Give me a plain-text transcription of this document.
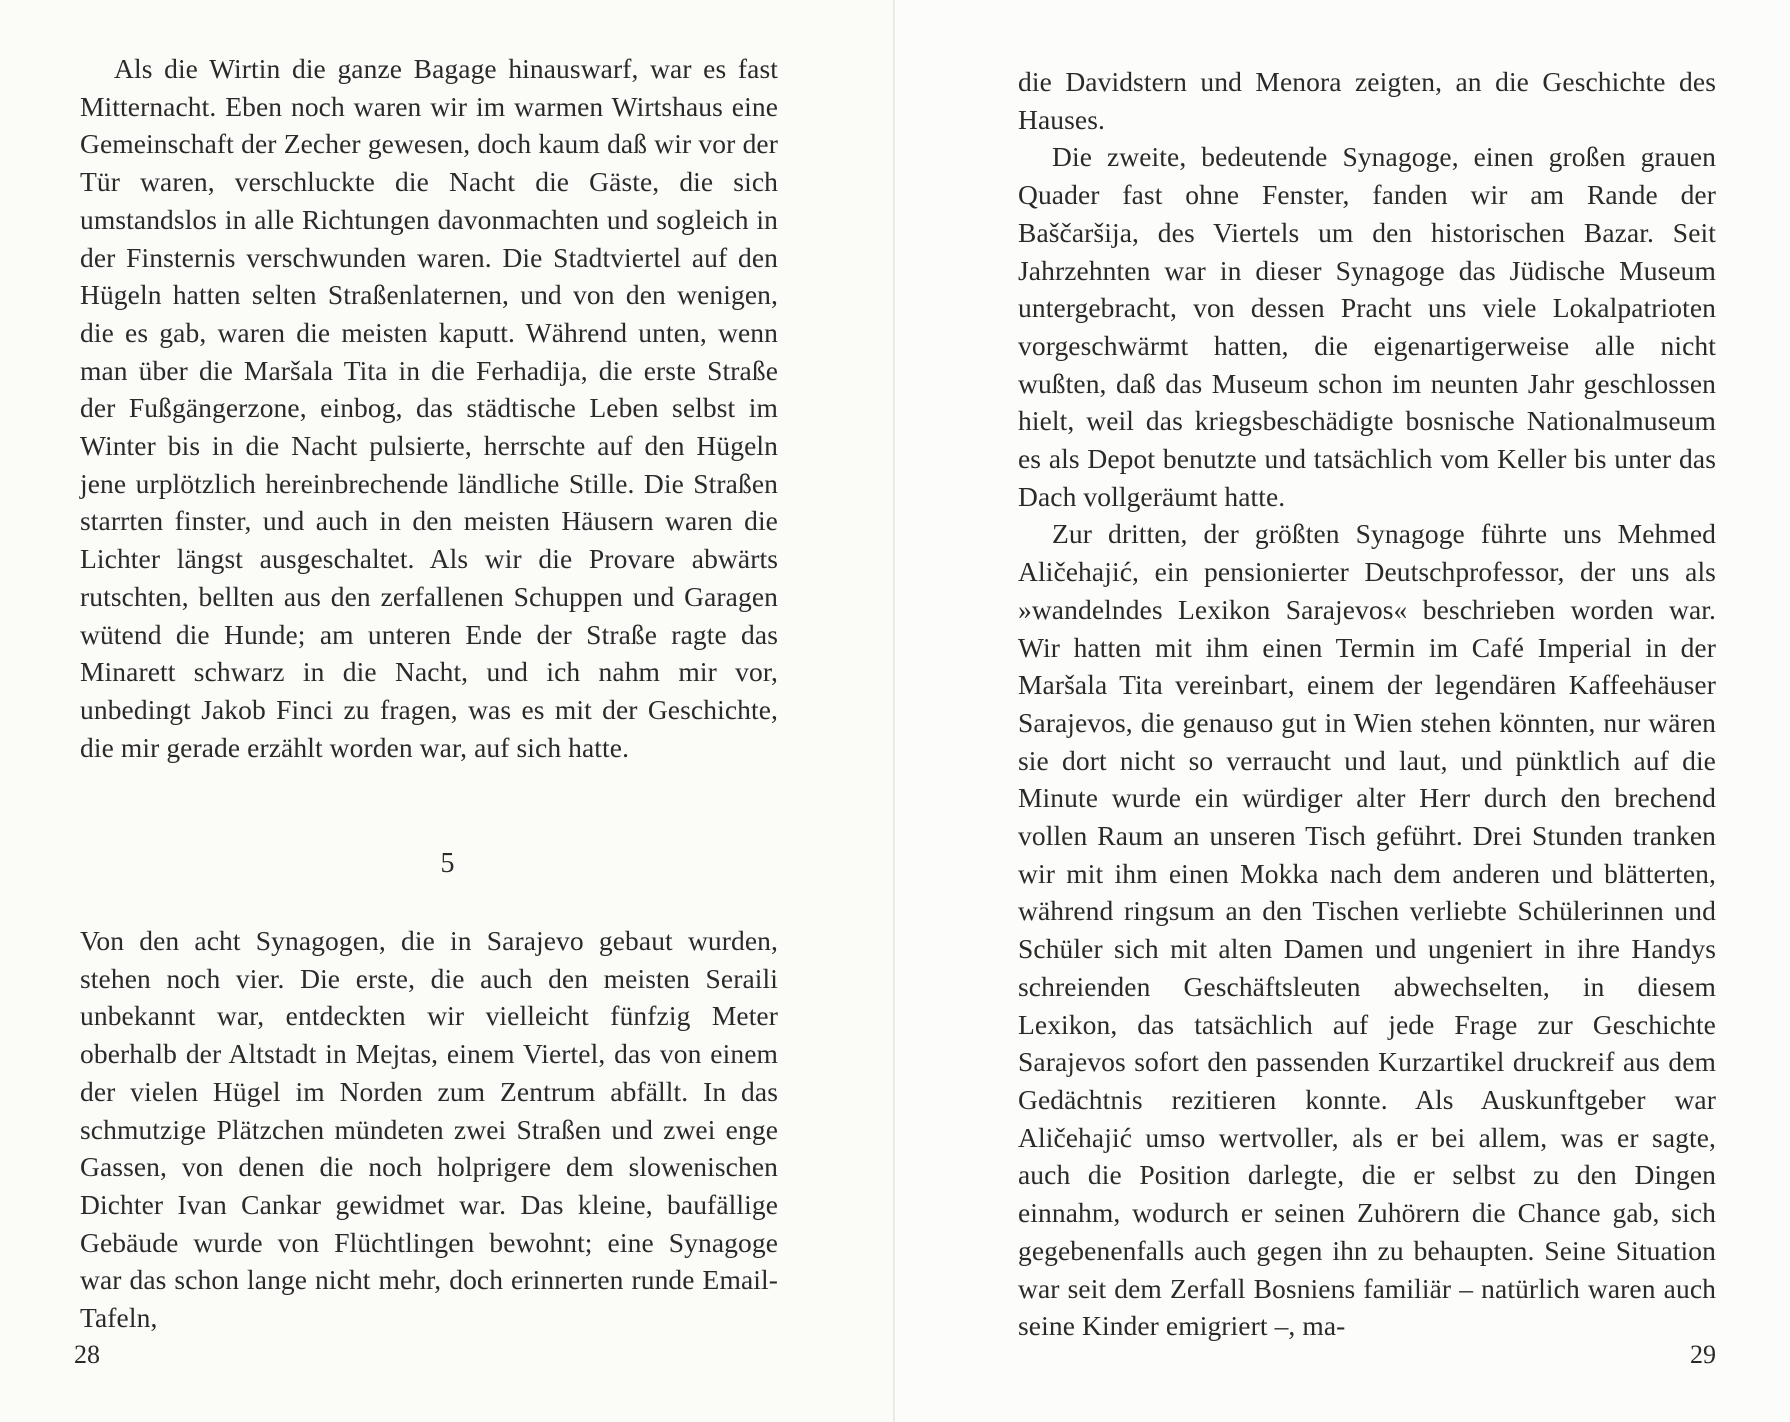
Als die Wirtin die ganze Bagage hinauswarf, war es fast Mitternacht. Eben noch waren wir im warmen Wirtshaus eine Gemeinschaft der Zecher gewesen, doch kaum daß wir vor der Tür waren, verschluckte die Nacht die Gäste, die sich umstandslos in alle Richtungen davonmachten und sogleich in der Finsternis verschwunden waren. Die Stadtviertel auf den Hügeln hatten selten Straßenlaternen, und von den wenigen, die es gab, waren die meisten kaputt. Während unten, wenn man über die Maršala Tita in die Ferhadija, die erste Straße der Fußgängerzone, einbog, das städtische Leben selbst im Winter bis in die Nacht pulsierte, herrschte auf den Hügeln jene urplötzlich hereinbrechende ländliche Stille. Die Straßen starrten finster, und auch in den meisten Häusern waren die Lichter längst ausgeschaltet. Als wir die Provare abwärts rutschten, bellten aus den zerfallenen Schuppen und Garagen wütend die Hunde; am unteren Ende der Straße ragte das Minarett schwarz in die Nacht, und ich nahm mir vor, unbedingt Jakob Finci zu fragen, was es mit der Geschichte, die mir gerade erzählt worden war, auf sich hatte.

5

Von den acht Synagogen, die in Sarajevo gebaut wurden, stehen noch vier. Die erste, die auch den meisten Seraili unbekannt war, entdeckten wir vielleicht fünfzig Meter oberhalb der Altstadt in Mejtas, einem Viertel, das von einem der vielen Hügel im Norden zum Zentrum abfällt. In das schmutzige Plätzchen mündeten zwei Straßen und zwei enge Gassen, von denen die noch holprigere dem slowenischen Dichter Ivan Cankar gewidmet war. Das kleine, baufällige Gebäude wurde von Flüchtlingen bewohnt; eine Synagoge war das schon lange nicht mehr, doch erinnerten runde Email-Tafeln,

28

die Davidstern und Menora zeigten, an die Geschichte des Hauses.

Die zweite, bedeutende Synagoge, einen großen grauen Quader fast ohne Fenster, fanden wir am Rande der Baščaršija, des Viertels um den historischen Bazar. Seit Jahrzehnten war in dieser Synagoge das Jüdische Museum untergebracht, von dessen Pracht uns viele Lokalpatrioten vorgeschwärmt hatten, die eigenartigerweise alle nicht wußten, daß das Museum schon im neunten Jahr geschlossen hielt, weil das kriegsbeschädigte bosnische Nationalmuseum es als Depot benutzte und tatsächlich vom Keller bis unter das Dach vollgeräumt hatte.

Zur dritten, der größten Synagoge führte uns Mehmed Aličehajić, ein pensionierter Deutschprofessor, der uns als »wandelndes Lexikon Sarajevos« beschrieben worden war. Wir hatten mit ihm einen Termin im Café Imperial in der Maršala Tita vereinbart, einem der legendären Kaffeehäuser Sarajevos, die genauso gut in Wien stehen könnten, nur wären sie dort nicht so verraucht und laut, und pünktlich auf die Minute wurde ein würdiger alter Herr durch den brechend vollen Raum an unseren Tisch geführt. Drei Stunden tranken wir mit ihm einen Mokka nach dem anderen und blätterten, während ringsum an den Tischen verliebte Schülerinnen und Schüler sich mit alten Damen und ungeniert in ihre Handys schreienden Geschäftsleuten abwechselten, in diesem Lexikon, das tatsächlich auf jede Frage zur Geschichte Sarajevos sofort den passenden Kurzartikel druckreif aus dem Gedächtnis rezitieren konnte. Als Auskunftgeber war Aličehajić umso wertvoller, als er bei allem, was er sagte, auch die Position darlegte, die er selbst zu den Dingen einnahm, wodurch er seinen Zuhörern die Chance gab, sich gegebenenfalls auch gegen ihn zu behaupten. Seine Situation war seit dem Zerfall Bosniens familiär – natürlich waren auch seine Kinder emigriert –, ma-

29
